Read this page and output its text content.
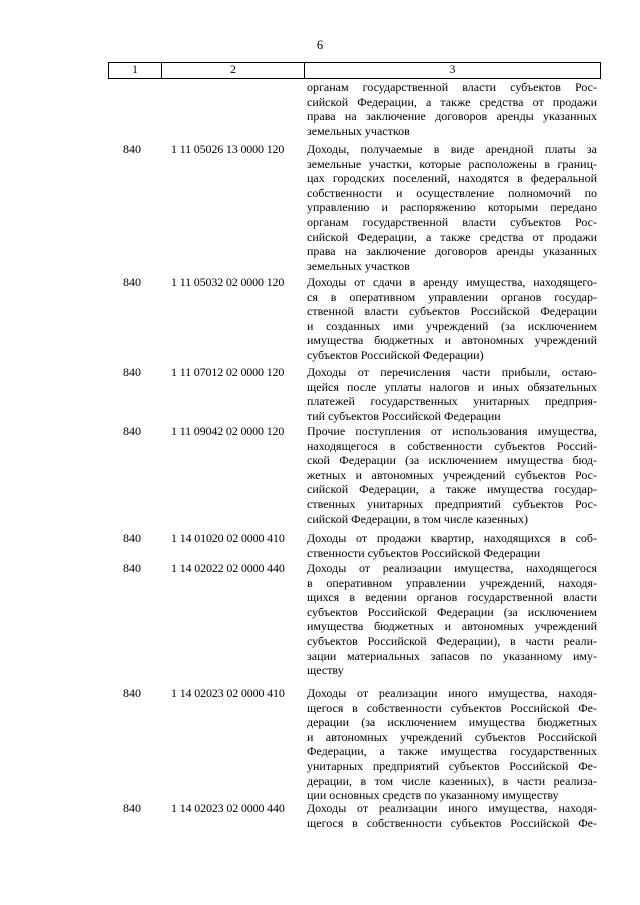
6
1	2	3
органам государственной власти субъектов Рос-
сийской Федерации, а также средства от продажи
права на заключение договоров аренды указанных
земельных участков
840	1 11 05026 13 0000 120	Доходы, получаемые в виде арендной платы за
земельные участки, которые расположены в границ-
цах городских поселений, находятся в федеральной
собственности и осуществление полномочий по
управлению и распоряжению которыми передано
органам государственной власти субъектов Рос-
сийской Федерации, а также средства от продажи
права на заключение договоров аренды указанных
земельных участков
840	1 11 05032 02 0000 120	Доходы от сдачи в аренду имущества, находящего-
ся в оперативном управлении органов государ-
ственной власти субъектов Российской Федерации
и созданных ими учреждений (за исключением
имущества бюджетных и автономных учреждений
субъектов Российской Федерации)
840	1 11 07012 02 0000 120	Доходы от перечисления части прибыли, остаю-
щейся после уплаты налогов и иных обязательных
платежей государственных унитарных предприя-
тий субъектов Российской Федерации
840	1 11 09042 02 0000 120	Прочие поступления от использования имущества,
находящегося в собственности субъектов Россий-
ской Федерации (за исключением имущества бюд-
жетных и автономных учреждений субъектов Рос-
сийской Федерации, а также имущества государ-
ственных унитарных предприятий субъектов Рос-
сийской Федерации, в том числе казенных)
840	1 14 01020 02 0000 410	Доходы от продажи квартир, находящихся в соб-
ственности субъектов Российской Федерации
840	1 14 02022 02 0000 440	Доходы от реализации имущества, находящегося
в оперативном управлении учреждений, находя-
щихся в ведении органов государственной власти
субъектов Российской Федерации (за исключением
имущества бюджетных и автономных учреждений
субъектов Российской Федерации), в части реали-
зации материальных запасов по указанному иму-
ществу
840	1 14 02023 02 0000 410	Доходы от реализации иного имущества, находя-
щегося в собственности субъектов Российской Фе-
дерации (за исключением имущества бюджетных
и автономных учреждений субъектов Российской
Федерации, а также имущества государственных
унитарных предприятий субъектов Российской Фе-
дерации, в том числе казенных), в части реализа-
ции основных средств по указанному имуществу
840	1 14 02023 02 0000 440	Доходы от реализации иного имущества, находя-
щегося в собственности субъектов Российской Фе-
